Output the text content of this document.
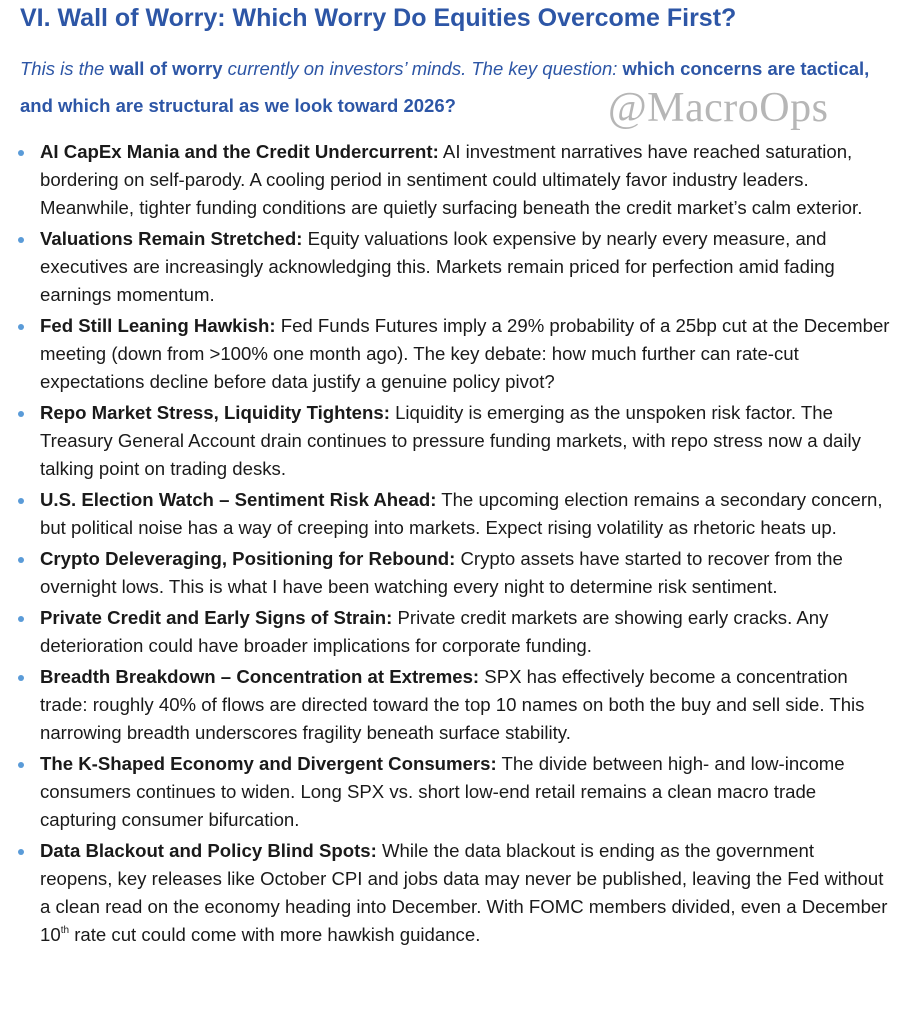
VI. Wall of Worry: Which Worry Do Equities Overcome First?

This is the wall of worry currently on investors’ minds. The key question: which concerns are tactical, and which are structural as we look toward 2026?	@MacroOps
AI CapEx Mania and the Credit Undercurrent: AI investment narratives have reached saturation, bordering on self-parody. A cooling period in sentiment could ultimately favor industry leaders. Meanwhile, tighter funding conditions are quietly surfacing beneath the credit market’s calm exterior.
Valuations Remain Stretched: Equity valuations look expensive by nearly every measure, and executives are increasingly acknowledging this. Markets remain priced for perfection amid fading earnings momentum.
Fed Still Leaning Hawkish: Fed Funds Futures imply a 29% probability of a 25bp cut at the December meeting (down from >100% one month ago). The key debate: how much further can rate-cut expectations decline before data justify a genuine policy pivot?
Repo Market Stress, Liquidity Tightens: Liquidity is emerging as the unspoken risk factor. The Treasury General Account drain continues to pressure funding markets, with repo stress now a daily talking point on trading desks.
U.S. Election Watch – Sentiment Risk Ahead: The upcoming election remains a secondary concern, but political noise has a way of creeping into markets. Expect rising volatility as rhetoric heats up.
Crypto Deleveraging, Positioning for Rebound: Crypto assets have started to recover from the overnight lows. This is what I have been watching every night to determine risk sentiment.
Private Credit and Early Signs of Strain: Private credit markets are showing early cracks. Any deterioration could have broader implications for corporate funding.
Breadth Breakdown – Concentration at Extremes: SPX has effectively become a concentration trade: roughly 40% of flows are directed toward the top 10 names on both the buy and sell side. This narrowing breadth underscores fragility beneath surface stability.
The K-Shaped Economy and Divergent Consumers: The divide between high- and low-income consumers continues to widen. Long SPX vs. short low-end retail remains a clean macro trade capturing consumer bifurcation.
Data Blackout and Policy Blind Spots: While the data blackout is ending as the government reopens, key releases like October CPI and jobs data may never be published, leaving the Fed without a clean read on the economy heading into December. With FOMC members divided, even a December 10th rate cut could come with more hawkish guidance.
